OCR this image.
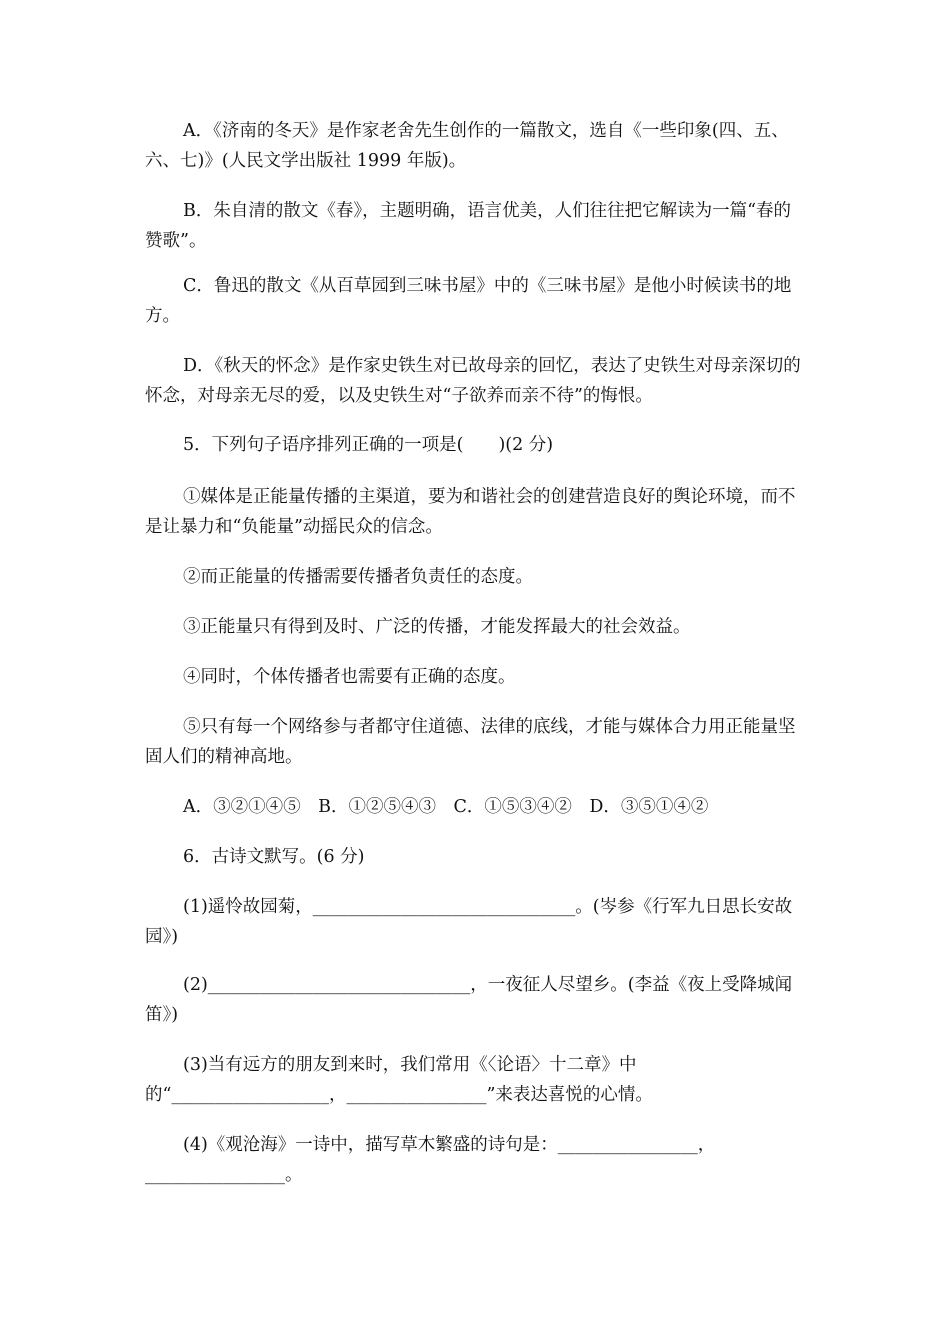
A．《济南的冬天》是作家老舍先生创作的一篇散文，选自《一些印象(四、五、六、七)》(人民文学出版社 1999 年版)。

B．朱自清的散文《春》，主题明确，语言优美，人们往往把它解读为一篇“春的赞歌”。

C．鲁迅的散文《从百草园到三味书屋》中的《三味书屋》是他小时候读书的地方。

D．《秋天的怀念》是作家史铁生对已故母亲的回忆，表达了史铁生对母亲深切的怀念，对母亲无尽的爱，以及史铁生对“子欲养而亲不待”的悔恨。

5．下列句子语序排列正确的一项是(　　)(2 分)

①媒体是正能量传播的主渠道，要为和谐社会的创建营造良好的舆论环境，而不是让暴力和“负能量”动摇民众的信念。

②而正能量的传播需要传播者负责任的态度。

③正能量只有得到及时、广泛的传播，才能发挥最大的社会效益。

④同时，个体传播者也需要有正确的态度。

⑤只有每一个网络参与者都守住道德、法律的底线，才能与媒体合力用正能量坚固人们的精神高地。

A．③②①④⑤　B．①②⑤④③　C．①⑤③④②　D．③⑤①④②

6．古诗文默写。(6 分)

(1)遥怜故园菊，______________________________。(岑参《行军九日思长安故园》)

(2)______________________________，一夜征人尽望乡。(李益《夜上受降城闻笛》)

(3)当有远方的朋友到来时，我们常用《〈论语〉十二章》中的“__________________，________________”来表达喜悦的心情。

(4)《观沧海》一诗中，描写草木繁盛的诗句是：________________，________________。
